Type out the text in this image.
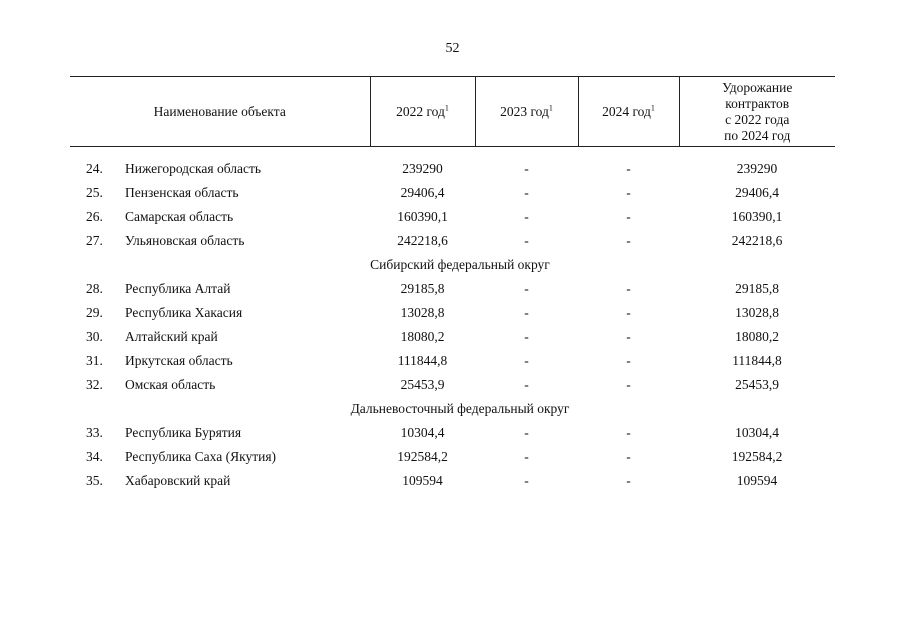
52
Наименование объекта	2022 год$^1$	2023 год$^1$	2024 год$^1$	Удорожание
контрактов
с 2022 года
по 2024 год

24. Нижегородская область	239290	-	-	239290

25. Пензенская область	29406,4	-	-	29406,4

26. Самарская область	160390,1	-	-	160390,1

27. Ульяновская область	242218,6	-	-	242218,6
Сибирский федеральный округ				

28. Республика Алтай	29185,8	-	-	29185,8

29. Республика Хакасия	13028,8	-	-	13028,8

30. Алтайский край	18080,2	-	-	18080,2

31. Иркутская область	111844,8	-	-	111844,8

32. Омская область	25453,9	-	-	25453,9
Дальневосточный федеральный округ				

33. Республика Бурятия	10304,4	-	-	10304,4

34. Республика Саха (Якутия)	192584,2	-	-	192584,2

35. Хабаровский край	109594	-	-	109594
